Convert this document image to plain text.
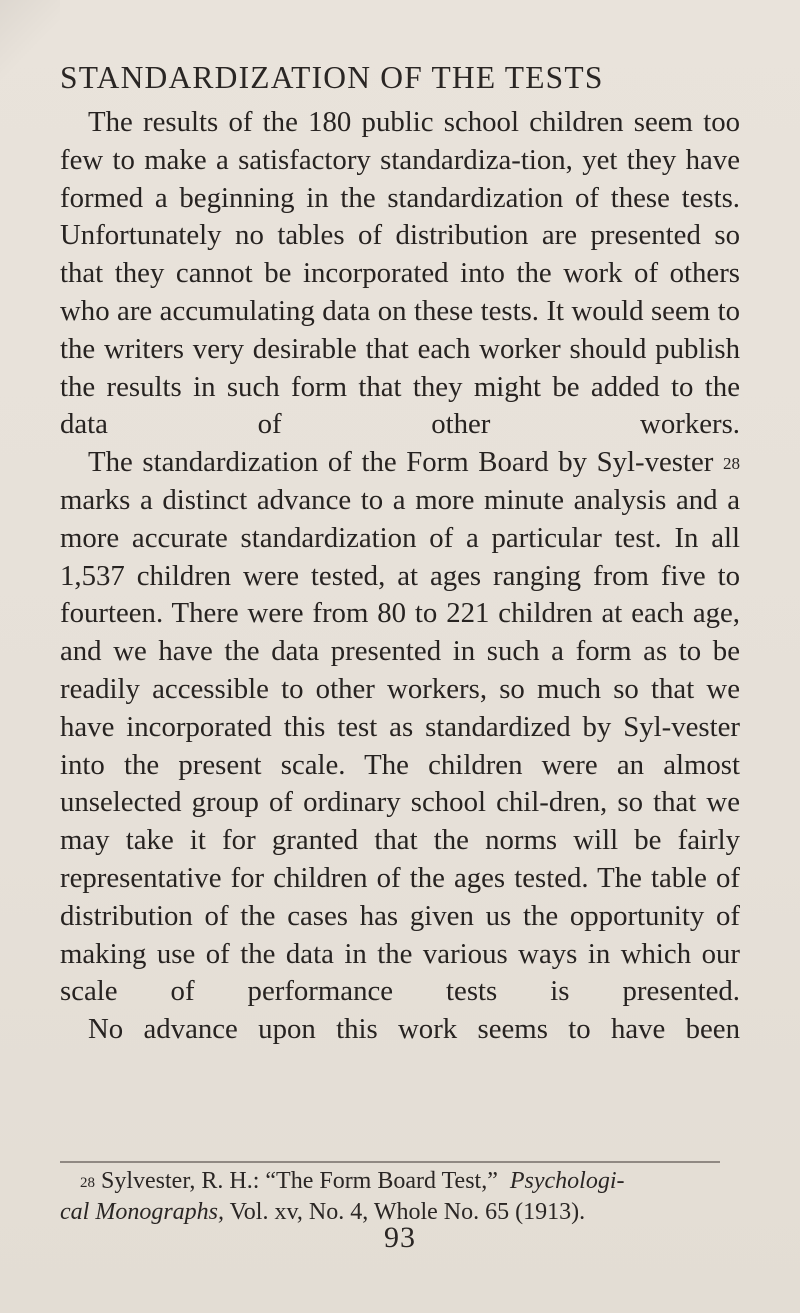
STANDARDIZATION OF THE TESTS

The results of the 180 public school children seem too few to make a satisfactory standardiza-tion, yet they have formed a beginning in the standardization of these tests. Unfortunately no tables of distribution are presented so that they cannot be incorporated into the work of others who are accumulating data on these tests. It would seem to the writers very desirable that each worker should publish the results in such form that they might be added to the data of other workers.

The standardization of the Form Board by Syl-vester $^{28}$ marks a distinct advance to a more minute analysis and a more accurate standardization of a particular test. In all 1,537 children were tested, at ages ranging from five to fourteen. There were from 80 to 221 children at each age, and we have the data presented in such a form as to be readily accessible to other workers, so much so that we have incorporated this test as standardized by Syl-vester into the present scale. The children were an almost unselected group of ordinary school chil-dren, so that we may take it for granted that the norms will be fairly representative for children of the ages tested. The table of distribution of the cases has given us the opportunity of making use of the data in the various ways in which our scale of performance tests is presented.

No advance upon this work seems to have been

$^{28}$ Sylvester, R. H.: “The Form Board Test,” Psychologi-

cal Monographs, Vol. xv, No. 4, Whole No. 65 (1913).

93
